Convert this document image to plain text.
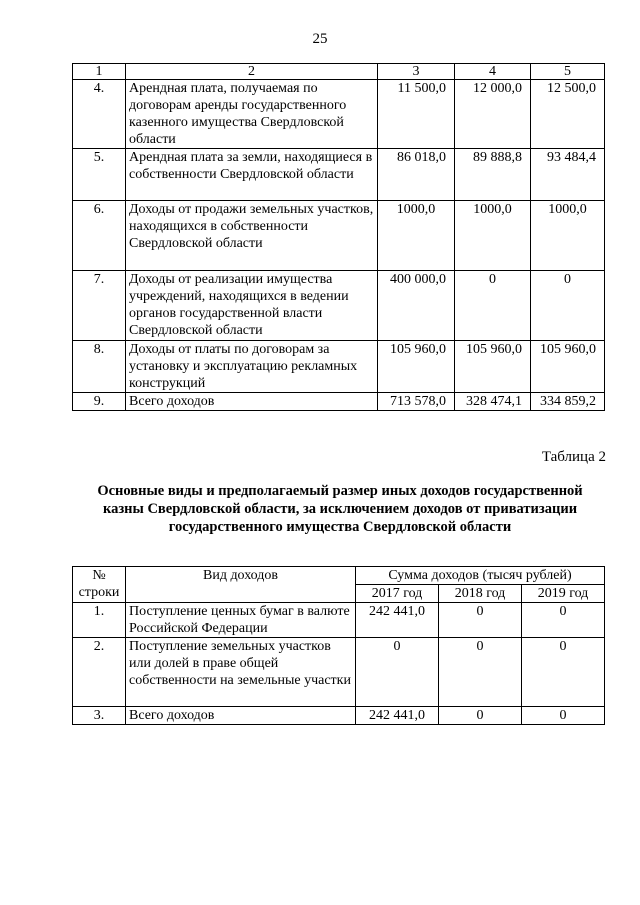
25
1	2	3	4	5
4.	Арендная плата, получаемая по договорам аренды государственного казенного имущества Свердловской области	11 500,0	12 000,0	12 500,0
5.	Арендная плата за земли, находящиеся в собственности Свердловской области	86 018,0	89 888,8	93 484,4
6.	Доходы от продажи земельных участков, находящихся в собственности Свердловской области	1000,0	1000,0	1000,0
7.	Доходы от реализации имущества учреждений, находящихся в ведении органов государственной власти Свердловской области	400 000,0	0	0
8.	Доходы от платы по договорам за установку и эксплуатацию рекламных конструкций	105 960,0	105 960,0	105 960,0
9.	Всего доходов	713 578,0	328 474,1	334 859,2
Таблица 2
Основные виды и предполагаемый размер иных доходов государственной казны Свердловской области, за исключением доходов от приватизации государственного имущества Свердловской области
№
строки	Вид доходов	Сумма доходов (тысяч рублей)		
		2017 год	2018 год	2019 год
1.	Поступление ценных бумаг в валюте Российской Федерации	242 441,0	0	0
2.	Поступление земельных участков или долей в праве общей собственности на земельные участки	0	0	0
3.	Всего доходов	242 441,0	0	0
